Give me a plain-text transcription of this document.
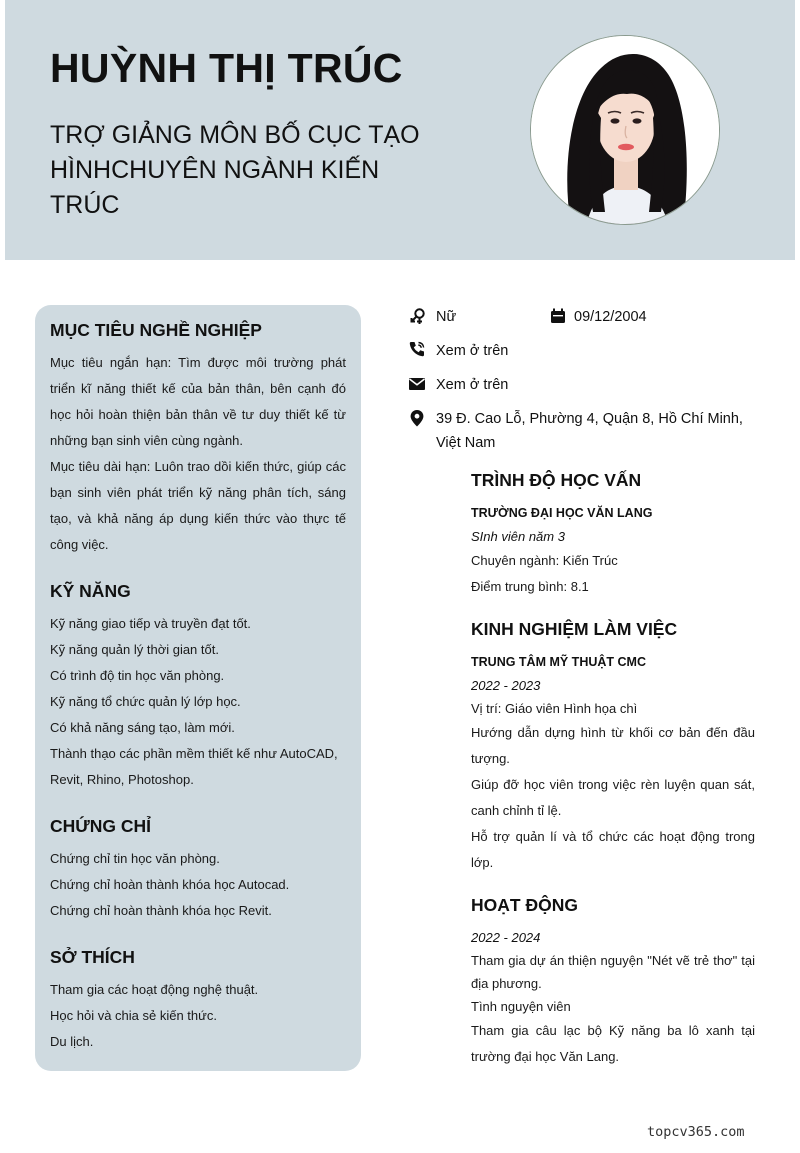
HUỲNH THỊ TRÚC
TRỢ GIẢNG MÔN BỐ CỤC TẠO HÌNHCHUYÊN NGÀNH KIẾN TRÚC
MỤC TIÊU NGHỀ NGHIỆP
Mục tiêu ngắn hạn: Tìm được môi trường phát triển kĩ năng thiết kế của bản thân, bên cạnh đó học hỏi hoàn thiện bản thân về tư duy thiết kế từ những bạn sinh viên cùng ngành.
Mục tiêu dài hạn: Luôn trao dồi kiến thức, giúp các bạn sinh viên phát triển kỹ năng phân tích, sáng tạo, và khả năng áp dụng kiến thức vào thực tế công việc.
KỸ NĂNG
Kỹ năng giao tiếp và truyền đạt tốt.
Kỹ năng quản lý thời gian tốt.
Có trình độ tin học văn phòng.
Kỹ năng tổ chức quản lý lớp học.
Có khả năng sáng tạo, làm mới.
Thành thạo các phần mềm thiết kế như AutoCAD, Revit, Rhino, Photoshop.
CHỨNG CHỈ
Chứng chỉ tin học văn phòng.
Chứng chỉ hoàn thành khóa học Autocad.
Chứng chỉ hoàn thành khóa học Revit.
SỞ THÍCH
Tham gia các hoạt động nghệ thuật.
Học hỏi và chia sẻ kiến thức.
Du lịch.
Nữ	09/12/2004
Xem ở trên
Xem ở trên
39 Đ. Cao Lỗ, Phường 4, Quận 8, Hồ Chí Minh, Việt Nam
TRÌNH ĐỘ HỌC VẤN
TRƯỜNG ĐẠI HỌC VĂN LANG
SInh viên năm 3
Chuyên ngành: Kiến Trúc
Điểm trung bình: 8.1
KINH NGHIỆM LÀM VIỆC
TRUNG TÂM MỸ THUẬT CMC
2022 - 2023
Vị trí: Giáo viên Hình họa chì
Hướng dẫn dựng hình từ khối cơ bản đến đầu tượng.
Giúp đỡ học viên trong việc rèn luyện quan sát, canh chỉnh tỉ lệ.
Hỗ trợ quản lí và tổ chức các hoạt động trong lớp.
HOẠT ĐỘNG
2022 - 2024
Tham gia dự án thiện nguyện "Nét vẽ trẻ thơ" tại địa phương.
Tình nguyện viên
Tham gia câu lạc bộ Kỹ năng ba lô xanh tại trường đại học Văn Lang.
topcv365.com
